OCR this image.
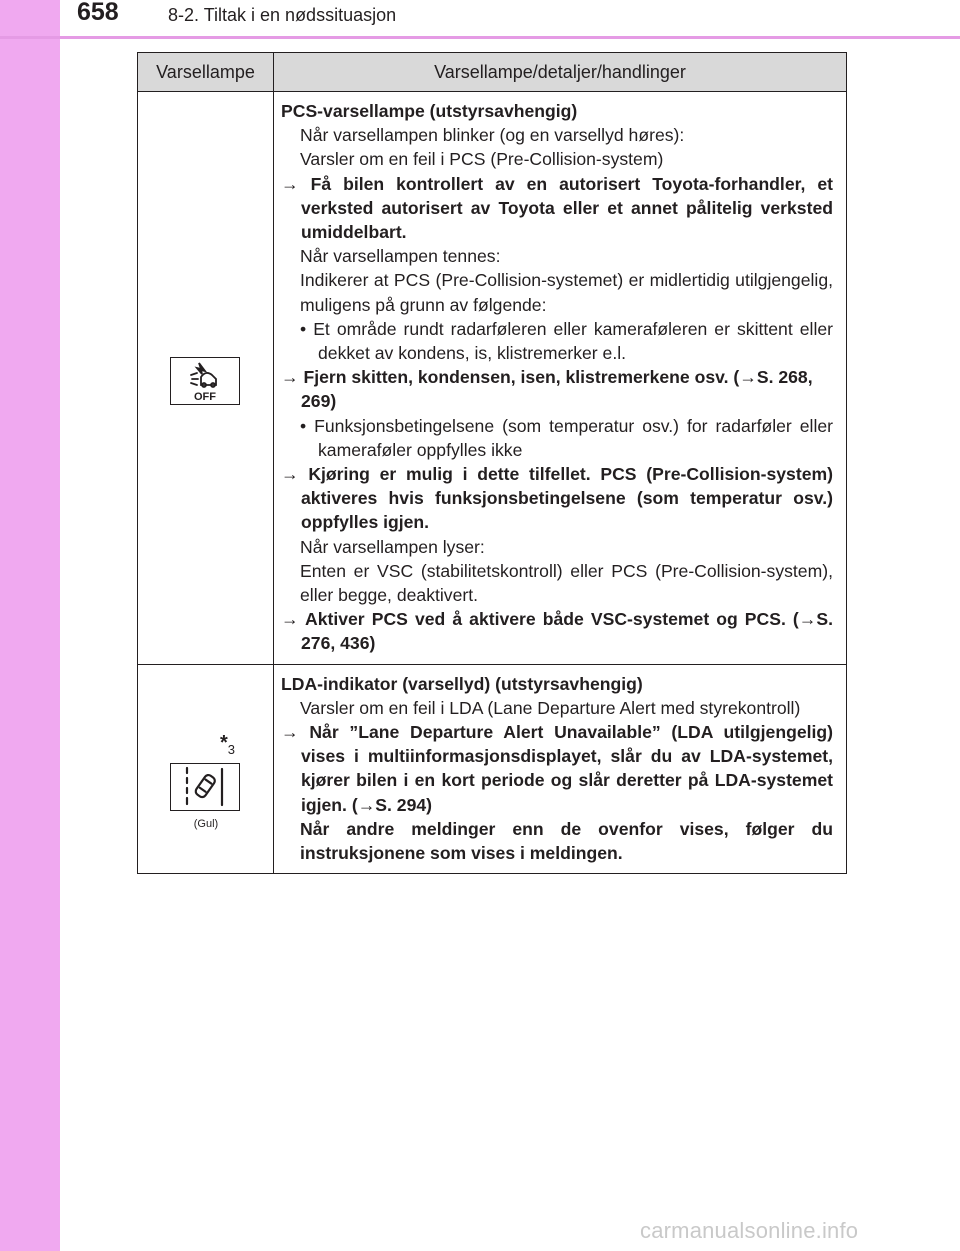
658	8-2. Tiltak i en nødssituasjon
Varsellampe	Varsellampe/detaljer/handlinger
OFF

PCS-varsellampe (utstyrsavhengig)

Når varsellampen blinker (og en varsellyd høres):

Varsler om en feil i PCS (Pre-Collision-system)

→ Få bilen kontrollert av en autorisert Toyota-forhandler, et verksted autorisert av Toyota eller et annet pålitelig verksted umiddelbart.

Når varsellampen tennes:

Indikerer at PCS (Pre-Collision-systemet) er midlertidig utilgjengelig, muligens på grunn av følgende:

• Et område rundt radarføleren eller kameraføleren er skittent eller dekket av kondens, is, klistremerker e.l.

→ Fjern skitten, kondensen, isen, klistremerkene osv. (→S. 268, 269)

• Funksjonsbetingelsene (som temperatur osv.) for radarføler eller kameraføler oppfylles ikke

→ Kjøring er mulig i dette tilfellet. PCS (Pre-Collision-system) aktiveres hvis funksjonsbetingelsene (som temperatur osv.) oppfylles igjen.

Når varsellampen lyser:

Enten er VSC (stabilitetskontroll) eller PCS (Pre-Collision-system), eller begge, deaktivert.

→ Aktiver PCS ved å aktivere både VSC-systemet og PCS. (→S. 276, 436)

$*_3$
(Gul)

LDA-indikator (varsellyd) (utstyrsavhengig)

Varsler om en feil i LDA (Lane Departure Alert med styrekontroll)

→ Når ”Lane Departure Alert Unavailable” (LDA utilgjengelig) vises i multiinformasjonsdisplayet, slår du av LDA-systemet, kjører bilen i en kort periode og slår deretter på LDA-systemet igjen. (→S. 294)

Når andre meldinger enn de ovenfor vises, følger du instruksjonene som vises i meldingen.

carmanualsonline.info
